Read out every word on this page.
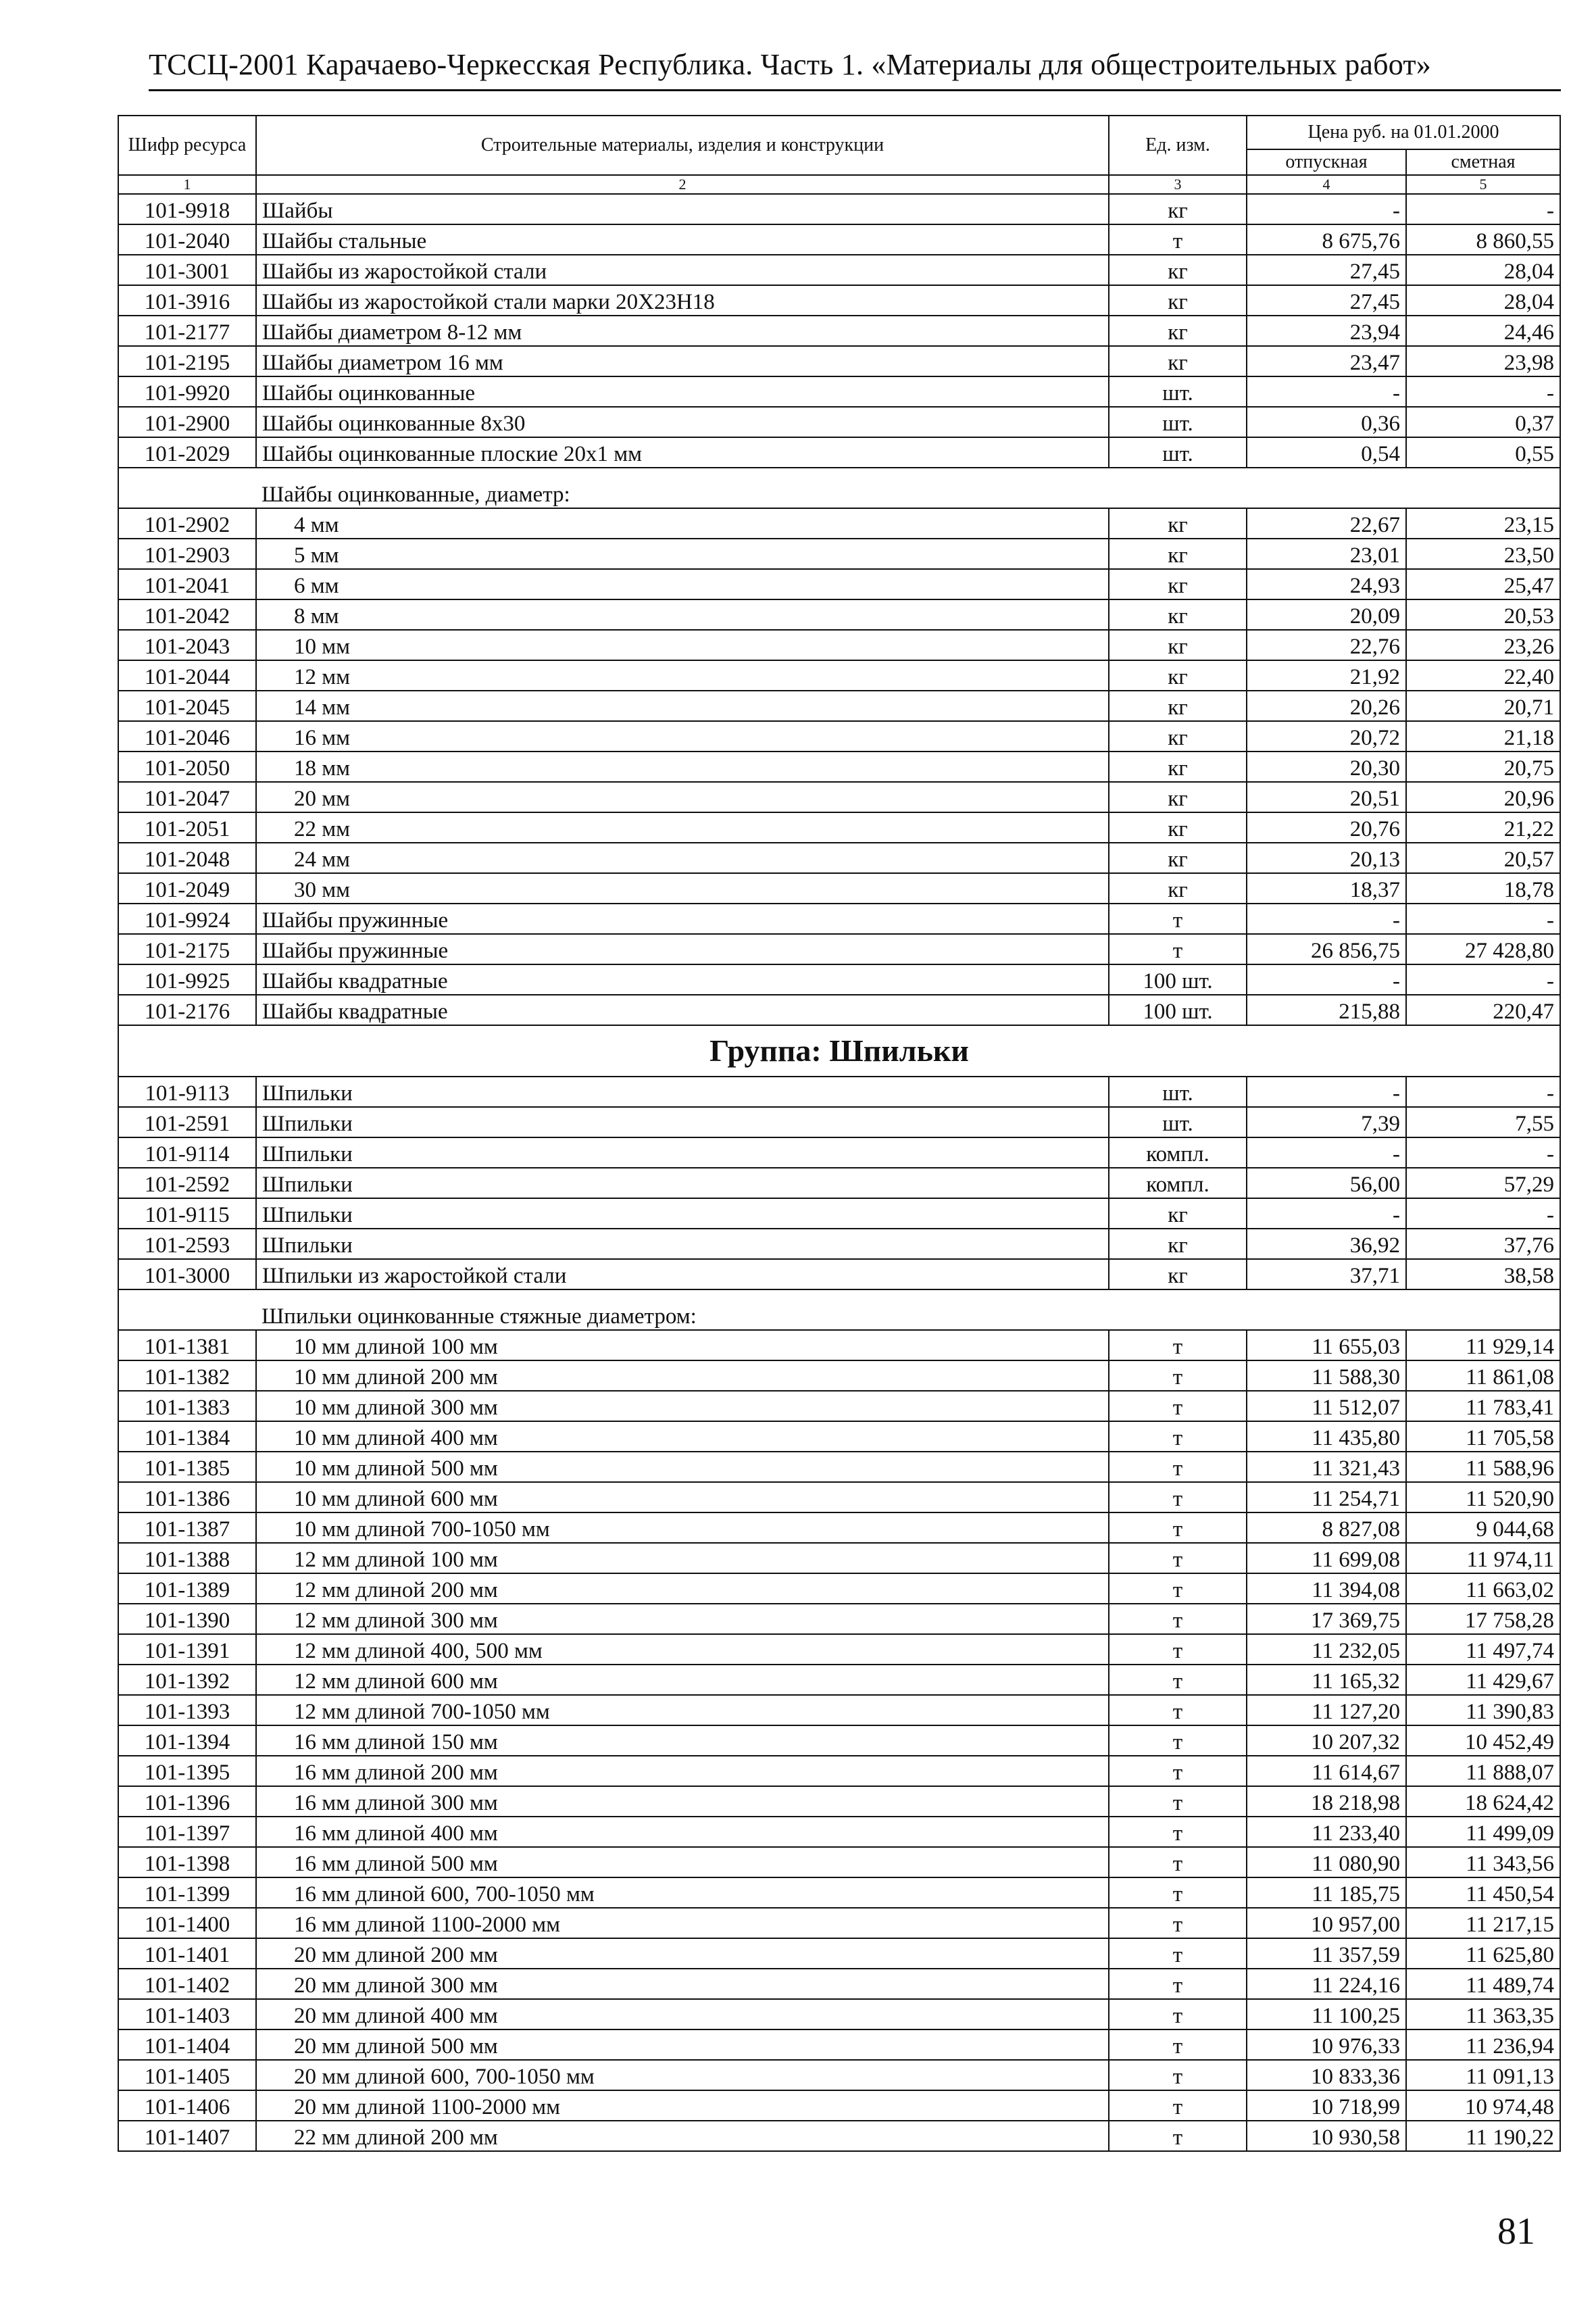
ТССЦ-2001 Карачаево-Черкесская Республика. Часть 1. «Материалы для общестроительных работ»
Шифр ресурса	Строительные материалы, изделия и конструкции	Ед. изм.	Цена руб. на 01.01.2000	
			отпускная	сметная
1	2	3	4	5
101-9918	Шайбы	кг	-	-
101-2040	Шайбы стальные	т	8 675,76	8 860,55
101-3001	Шайбы из жаростойкой стали	кг	27,45	28,04
101-3916	Шайбы из жаростойкой стали марки 20Х23Н18	кг	27,45	28,04
101-2177	Шайбы диаметром 8-12 мм	кг	23,94	24,46
101-2195	Шайбы диаметром 16 мм	кг	23,47	23,98
101-9920	Шайбы оцинкованные	шт.	-	-
101-2900	Шайбы оцинкованные 8х30	шт.	0,36	0,37
101-2029	Шайбы оцинкованные плоские 20х1 мм	шт.	0,54	0,55
	Шайбы оцинкованные, диаметр:			
101-2902	4 мм	кг	22,67	23,15
101-2903	5 мм	кг	23,01	23,50
101-2041	6 мм	кг	24,93	25,47
101-2042	8 мм	кг	20,09	20,53
101-2043	10 мм	кг	22,76	23,26
101-2044	12 мм	кг	21,92	22,40
101-2045	14 мм	кг	20,26	20,71
101-2046	16 мм	кг	20,72	21,18
101-2050	18 мм	кг	20,30	20,75
101-2047	20 мм	кг	20,51	20,96
101-2051	22 мм	кг	20,76	21,22
101-2048	24 мм	кг	20,13	20,57
101-2049	30 мм	кг	18,37	18,78
101-9924	Шайбы пружинные	т	-	-
101-2175	Шайбы пружинные	т	26 856,75	27 428,80
101-9925	Шайбы квадратные	100 шт.	-	-
101-2176	Шайбы квадратные	100 шт.	215,88	220,47
Группа: Шпильки				
101-9113	Шпильки	шт.	-	-
101-2591	Шпильки	шт.	7,39	7,55
101-9114	Шпильки	компл.	-	-
101-2592	Шпильки	компл.	56,00	57,29
101-9115	Шпильки	кг	-	-
101-2593	Шпильки	кг	36,92	37,76
101-3000	Шпильки из жаростойкой стали	кг	37,71	38,58
	Шпильки оцинкованные стяжные диаметром:			
101-1381	10 мм длиной 100 мм	т	11 655,03	11 929,14
101-1382	10 мм длиной 200 мм	т	11 588,30	11 861,08
101-1383	10 мм длиной 300 мм	т	11 512,07	11 783,41
101-1384	10 мм длиной 400 мм	т	11 435,80	11 705,58
101-1385	10 мм длиной 500 мм	т	11 321,43	11 588,96
101-1386	10 мм длиной 600 мм	т	11 254,71	11 520,90
101-1387	10 мм длиной 700-1050 мм	т	8 827,08	9 044,68
101-1388	12 мм длиной 100 мм	т	11 699,08	11 974,11
101-1389	12 мм длиной 200 мм	т	11 394,08	11 663,02
101-1390	12 мм длиной 300 мм	т	17 369,75	17 758,28
101-1391	12 мм длиной 400, 500 мм	т	11 232,05	11 497,74
101-1392	12 мм длиной 600 мм	т	11 165,32	11 429,67
101-1393	12 мм длиной 700-1050 мм	т	11 127,20	11 390,83
101-1394	16 мм длиной 150 мм	т	10 207,32	10 452,49
101-1395	16 мм длиной 200 мм	т	11 614,67	11 888,07
101-1396	16 мм длиной 300 мм	т	18 218,98	18 624,42
101-1397	16 мм длиной 400 мм	т	11 233,40	11 499,09
101-1398	16 мм длиной 500 мм	т	11 080,90	11 343,56
101-1399	16 мм длиной 600, 700-1050 мм	т	11 185,75	11 450,54
101-1400	16 мм длиной 1100-2000 мм	т	10 957,00	11 217,15
101-1401	20 мм длиной 200 мм	т	11 357,59	11 625,80
101-1402	20 мм длиной 300 мм	т	11 224,16	11 489,74
101-1403	20 мм длиной 400 мм	т	11 100,25	11 363,35
101-1404	20 мм длиной 500 мм	т	10 976,33	11 236,94
101-1405	20 мм длиной 600, 700-1050 мм	т	10 833,36	11 091,13
101-1406	20 мм длиной 1100-2000 мм	т	10 718,99	10 974,48
101-1407	22 мм длиной 200 мм	т	10 930,58	11 190,22
81
